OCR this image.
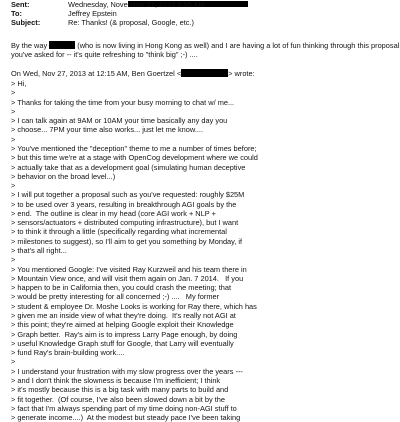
Sent:	Wednesday, November 27, 2013 6:55 AM
To:	Jeffrey Epstein
Subject:	Re: Thanks! (& proposal, Google, etc.)
By the way	(who is now living in Hong Kong as well) and I are having a lot of fun thinking through this proposal
you've asked for -- it's quite refreshing to "think big" ;-) ....
On Wed, Nov 27, 2013 at 12:15 AM, Ben Goertzel <	> wrote:
> Hi,
>
> Thanks for taking the time from your busy morning to chat w/ me...
>
> I can talk again at 9AM or 10AM your time basically any day you
> choose... 7PM your time also works... just let me know....
>
> You've mentioned the "deception" theme to me a number of times before;
> but this time we're at a stage with OpenCog development where we could
> actually take that as a development goal (simulating human deceptive
> behavior on the broad level...)
>
> I will put together a proposal such as you've requested: roughly $25M
> to be used over 3 years, resulting in breakthrough AGI goals by the
> end.  The outline is clear in my head (core AGI work + NLP +
> sensors/actuators + distributed computing infrastructure), but I want
> to think it through a little (specifically regarding what incremental
> milestones to suggest), so I'll aim to get you something by Monday, if
> that's all right...
>
> You mentioned Google: I've visited Ray Kurzweil and his team there in
> Mountain View once, and will visit them again on Jan. 7 2014.   If you
> happen to be in California then, you could crash the meeting; that
> would be pretty interesting for all concerned ;-) ....   My former
> student & employee Dr. Moshe Looks is working for Ray there, which has
> given me an inside view of what they're doing.  It's really not AGI at
> this point; they're aimed at helping Google exploit their Knowledge
> Graph better.  Ray's aim is to impress Larry Page enough, by doing
> useful Knowledge Graph stuff for Google, that Larry will eventually
> fund Ray's brain-building work....
>
> I understand your frustration with my slow progress over the years ---
> and I don't think the slowness is because I'm inefficient; I think
> it's mostly because this is a big task with many parts to build and
> fit together.  (Of course, I've also been slowed down a bit by the
> fact that I'm always spending part of my time doing non-AGI stuff to
> generate income....)  At the modest but steady pace I've been taking
